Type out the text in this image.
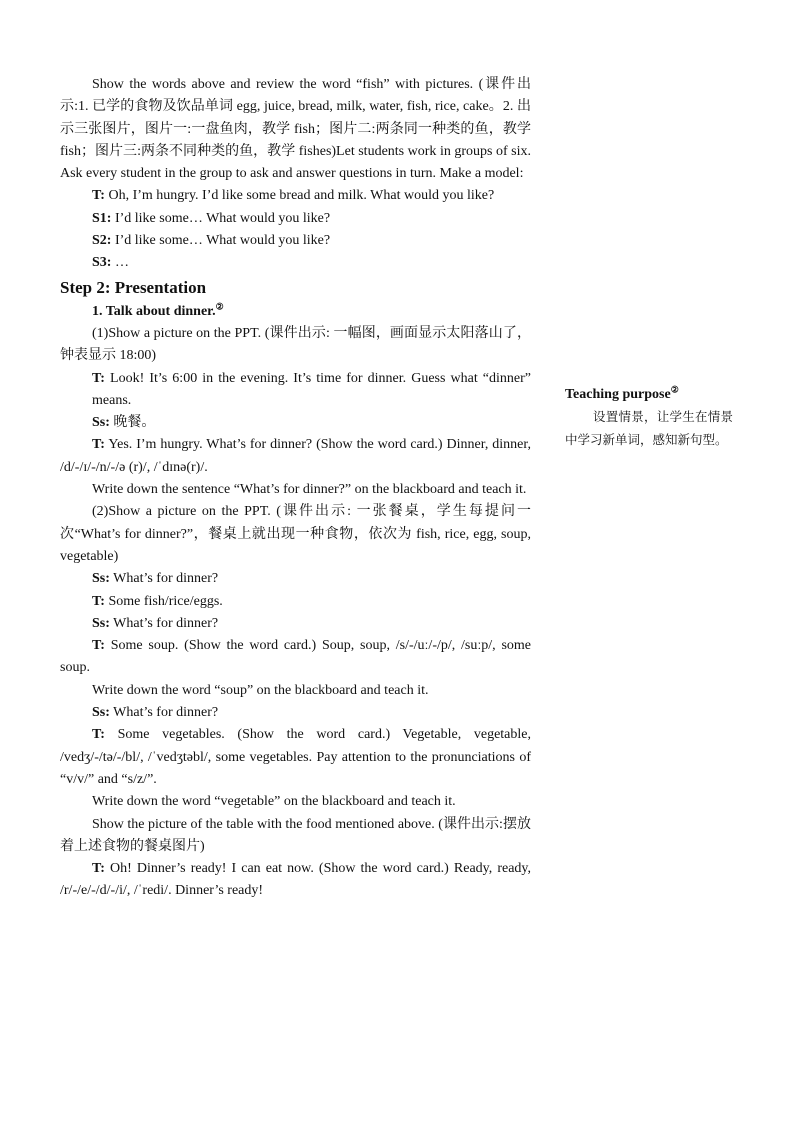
Show the words above and review the word “fish” with pictures. (课件出示:1. 已学的食物及饮品单词 egg, juice, bread, milk, water, fish, rice, cake。2. 出示三张图片，图片一:一盘鱼肉，教学 fish；图片二:两条同一种类的鱼，教学 fish；图片三:两条不同种类的鱼，教学 fishes)Let students work in groups of six. Ask every student in the group to ask and answer questions in turn. Make a model:

T: Oh, I’m hungry. I’d like some bread and milk. What would you like?

S1: I’d like some… What would you like?

S2: I’d like some… What would you like?

S3: …

Step 2: Presentation

1. Talk about dinner.②

(1)Show a picture on the PPT. (课件出示: 一幅图，画面显示太阳落山了，钟表显示 18:00)

T: Look! It’s 6:00 in the evening. It’s time for dinner. Guess what “dinner” means.

Ss: 晚餐。

T: Yes. I’m hungry. What’s for dinner? (Show the word card.) Dinner, dinner, /d/-/ɪ/-/n/-/ə (r)/, /ˈdɪnə(r)/.

Write down the sentence “What’s for dinner?” on the blackboard and teach it.

(2)Show a picture on the PPT. (课件出示: 一张餐桌，学生每提问一次“What’s for dinner?”，餐桌上就出现一种食物，依次为 fish, rice, egg, soup, vegetable)

Ss: What’s for dinner?

T: Some fish/rice/eggs.

Ss: What’s for dinner?

T: Some soup. (Show the word card.) Soup, soup, /s/-/uː/-/p/, /suːp/, some soup.

Write down the word “soup” on the blackboard and teach it.

Ss: What’s for dinner?

T: Some vegetables. (Show the word card.) Vegetable, vegetable, /vedʒ/-/tə/-/bl/, /ˈvedʒtəbl/, some vegetables. Pay attention to the pronunciations of “v/v/” and “s/z/”.

Write down the word “vegetable” on the blackboard and teach it.

Show the picture of the table with the food mentioned above. (课件出示:摆放着上述食物的餐桌图片)

T: Oh! Dinner’s ready! I can eat now. (Show the word card.) Ready, ready, /r/-/e/-/d/-/i/, /ˈredi/. Dinner’s ready!

Teaching purpose②

设置情景，让学生在情景中学习新单词，感知新句型。
